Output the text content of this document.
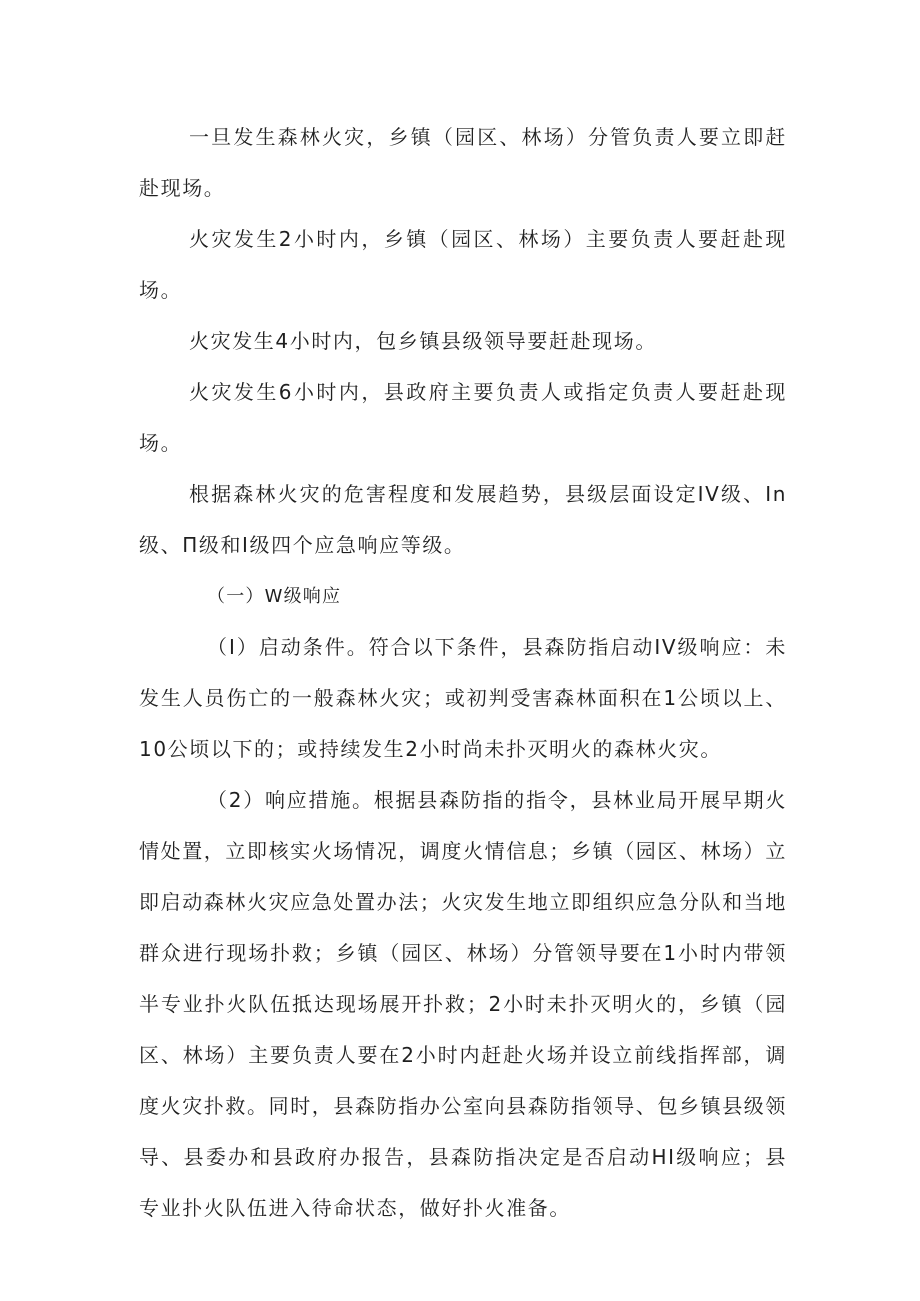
一旦发生森林火灾，乡镇（园区、林场）分管负责人要立即赶赴现场。

火灾发生2小时内，乡镇（园区、林场）主要负责人要赶赴现场。

火灾发生4小时内，包乡镇县级领导要赶赴现场。

火灾发生6小时内，县政府主要负责人或指定负责人要赶赴现场。

根据森林火灾的危害程度和发展趋势，县级层面设定IV级、In级、Π级和Ⅰ级四个应急响应等级。

（一）W级响应

（I）启动条件。符合以下条件，县森防指启动IV级响应：未发生人员伤亡的一般森林火灾；或初判受害森林面积在1公顷以上、10公顷以下的；或持续发生2小时尚未扑灭明火的森林火灾。

（2）响应措施。根据县森防指的指令，县林业局开展早期火情处置，立即核实火场情况，调度火情信息；乡镇（园区、林场）立即启动森林火灾应急处置办法；火灾发生地立即组织应急分队和当地群众进行现场扑救；乡镇（园区、林场）分管领导要在1小时内带领半专业扑火队伍抵达现场展开扑救；2小时未扑灭明火的，乡镇（园区、林场）主要负责人要在2小时内赶赴火场并设立前线指挥部，调度火灾扑救。同时，县森防指办公室向县森防指领导、包乡镇县级领导、县委办和县政府办报告，县森防指决定是否启动HI级响应；县专业扑火队伍进入待命状态，做好扑火准备。
